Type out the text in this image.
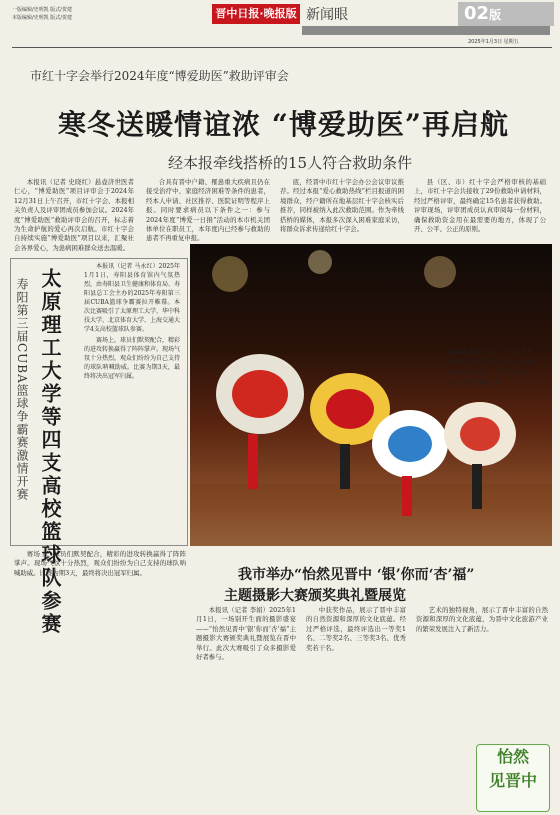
一版编辑/史明凯 版式/贺建
本版编辑/史明凯 版式/贺建	晋中日报·晚报版 新闻眼	02版
2025年1月3日 星期五
市红十字会举行2024年度“博爱助医”救助评审会
寒冬送暖情谊浓 “博爱助医”再启航
经本报牵线搭桥的15人符合救助条件

本报讯（记者 史晓红）悬壶济世医者仁心，“博爱助医”项目评审会于2024年12月31日上午召开，市红十字会、本报相关负责人及评审团成员参加会议。2024年度“博爱助医”救助评审会的召开，标志着为生命护航的爱心再次启航。市红十字会自持续实施“博爱助医”项目以来，汇聚社会各界爱心，为患病困难群众送去温暖。

合具有晋中户籍、罹患重大疾病且仍在接受治疗中、家庭经济困难等条件的患者，经本人申请、社区推荐、医院证明等程序上报。同时要求病员以下条件之一：参与2024年度“博爱一日捐”活动的本市机关团体单位在职员工，本年度内已经参与救助的患者不再重复申报。

底，经晋中市红十字会办公会议审议推荐。经过本报“爱心救助热线”栏目报道的困境群众，经户籍所在地基层红十字会核实后推荐，同样被纳入此次救助范围。作为牵线搭桥的媒体，本报多次深入困难家庭采访，将群众诉求传递给红十字会。

县（区、市）红十字会严格审核的基础上，市红十字会共接收了29份救助申请材料，经过严格评审，最终确定15名患者获得救助。评审现场，评审团成员认真审阅每一份材料，确保救助资金用在最需要的地方，体现了公开、公平、公正的原则。

寿阳第三届CUBA篮球争霸赛激情开赛 太原理工大学等四支高校篮球队参赛

本报讯（记者 马永红）2025年1月1日，寿阳县体育馆内气氛热烈，由寿阳县卫生健康和体育局、寿阳县总工会主办的2025年寿阳第三届CUBA篮球争霸赛拉开帷幕。本次比赛吸引了太原理工大学、华中科技大学、北京体育大学、上海交通大学4支高校篮球队参赛。

赛场上，球员们默契配合，精彩的进攻转换赢得了阵阵掌声。现场气氛十分热烈，观众们纷纷为自己支持的球队呐喊助威。比赛为期3天，最终将决出冠军归属。

2024年12月31日，晋中大美乡村摄影大赛在寿阳县颁奖，舞狮表演为活动助兴，现场气氛热烈。记者 史晓红 摄
我市举办“怡然见晋中 ‘银’你而‘杏’福”
主题摄影大赛颁奖典礼暨展览

赛场上，球员们默契配合，精彩的进攻转换赢得了阵阵掌声。现场气氛十分热烈，观众们纷纷为自己支持的球队呐喊助威。比赛为期3天，最终将决出冠军归属。

本报讯（记者 李娟）2025年1月1日，一场别开生面的摄影盛宴——“怡然见晋中‘银’你而‘杏’福”主题摄影大赛颁奖典礼暨展览在晋中举行。此次大赛吸引了众多摄影爱好者参与。

中获奖作品，展示了晋中丰富的自然资源和深厚的文化底蕴。经过严格评选，最终评选出一等奖1名、二等奖2名、三等奖3名、优秀奖若干名。

艺术的独特视角，展示了晋中丰富的自然资源和深厚的文化底蕴，为晋中文化旅游产业的繁荣发展注入了新活力。

怡然
见晋中
